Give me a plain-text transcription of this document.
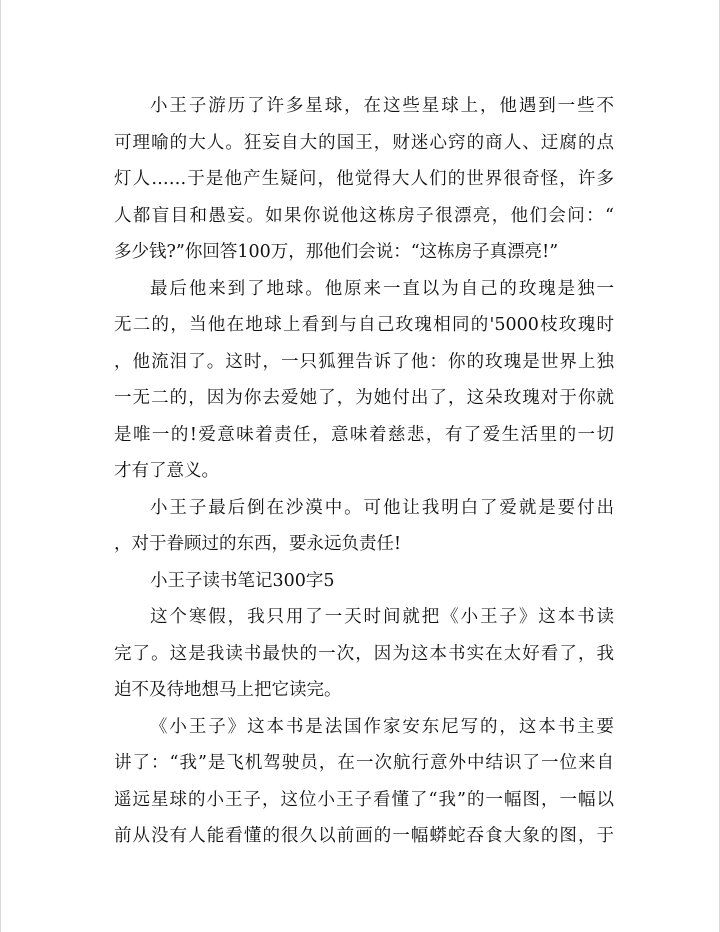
小王子游历了许多星球，在这些星球上，他遇到一些不
可理喻的大人。狂妄自大的国王，财迷心窍的商人、迂腐的点
灯人……于是他产生疑问，他觉得大人们的世界很奇怪，许多
人都盲目和愚妄。如果你说他这栋房子很漂亮，他们会问：“
多少钱?”你回答100万，那他们会说：“这栋房子真漂亮!”
最后他来到了地球。他原来一直以为自己的玫瑰是独一
无二的，当他在地球上看到与自己玫瑰相同的'5000枝玫瑰时
，他流泪了。这时，一只狐狸告诉了他：你的玫瑰是世界上独
一无二的，因为你去爱她了，为她付出了，这朵玫瑰对于你就
是唯一的!爱意味着责任，意味着慈悲，有了爱生活里的一切
才有了意义。
小王子最后倒在沙漠中。可他让我明白了爱就是要付出
，对于眷顾过的东西，要永远负责任!
小王子读书笔记300字5
这个寒假，我只用了一天时间就把《小王子》这本书读
完了。这是我读书最快的一次，因为这本书实在太好看了，我
迫不及待地想马上把它读完。
《小王子》这本书是法国作家安东尼写的，这本书主要
讲了：“我”是飞机驾驶员，在一次航行意外中结识了一位来自
遥远星球的小王子，这位小王子看懂了“我”的一幅图，一幅以
前从没有人能看懂的很久以前画的一幅蟒蛇吞食大象的图，于
